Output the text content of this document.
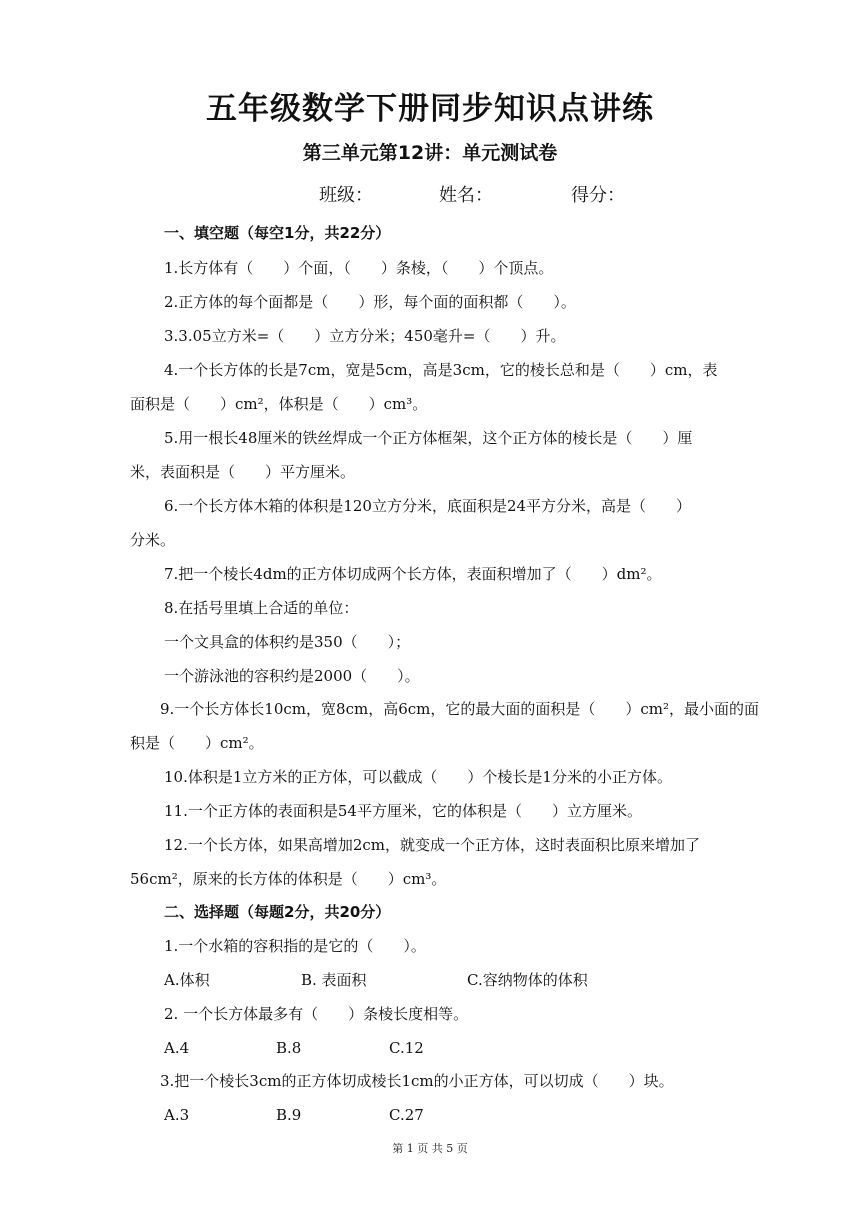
五年级数学下册同步知识点讲练
第三单元第12讲：单元测试卷
班级：	姓名：	得分：
一、填空题（每空1分，共22分）
1.长方体有（　　）个面，（　　）条棱，（　　）个顶点。
2.正方体的每个面都是（　　）形，每个面的面积都（　　）。
3.3.05立方米=（　　）立方分米；450毫升=（　　）升。
4.一个长方体的长是7cm，宽是5cm，高是3cm，它的棱长总和是（　　）cm，表
面积是（　　）cm²，体积是（　　）cm³。
5.用一根长48厘米的铁丝焊成一个正方体框架，这个正方体的棱长是（　　）厘
米，表面积是（　　）平方厘米。
6.一个长方体木箱的体积是120立方分米，底面积是24平方分米，高是（　　）
分米。
7.把一个棱长4dm的正方体切成两个长方体，表面积增加了（　　）dm²。
8.在括号里填上合适的单位：
一个文具盒的体积约是350（　　）；
一个游泳池的容积约是2000（　　）。
9.一个长方体长10cm，宽8cm，高6cm，它的最大面的面积是（　　）cm²，最小面的面
积是（　　）cm²。
10.体积是1立方米的正方体，可以截成（　　）个棱长是1分米的小正方体。
11.一个正方体的表面积是54平方厘米，它的体积是（　　）立方厘米。
12.一个长方体，如果高增加2cm，就变成一个正方体，这时表面积比原来增加了
56cm²，原来的长方体的体积是（　　）cm³。
二、选择题（每题2分，共20分）
1.一个水箱的容积指的是它的（　　）。
A.体积	B. 表面积	C.容纳物体的体积
2. 一个长方体最多有（　　）条棱长度相等。
A.4	B.8	C.12
3.把一个棱长3cm的正方体切成棱长1cm的小正方体，可以切成（　　）块。
A.3	B.9	C.27
第 1 页 共 5 页
